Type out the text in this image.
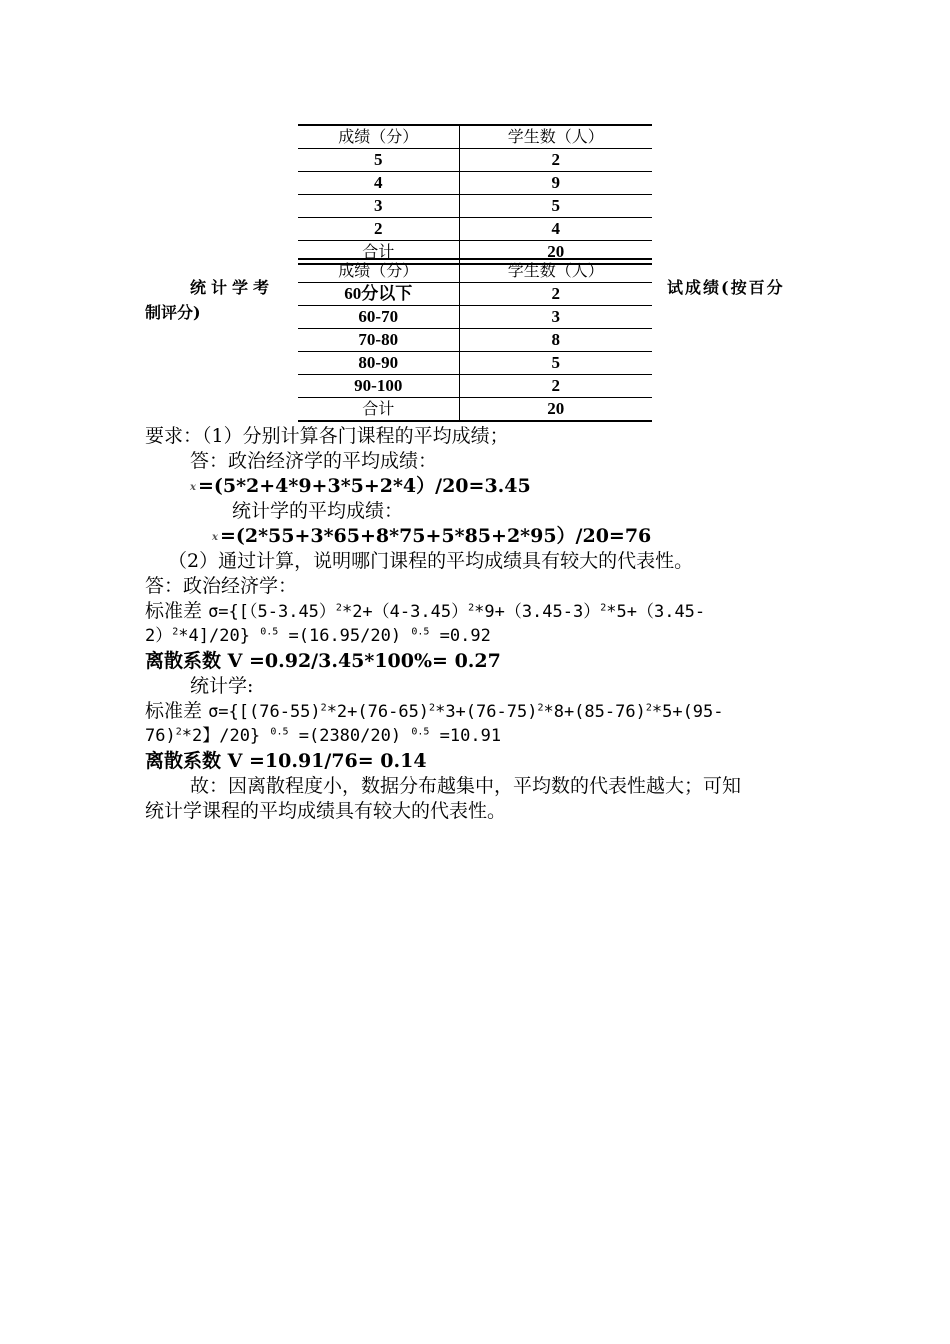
成绩（分）	学生数（人）
5	2
4	9
3	5
2	4
合计	20
统计学考	试成绩(按百分
制评分)
成绩（分）	学生数（人）
60分以下	2
60-70	3
70-80	8
80-90	5
90-100	2
合计	20
要求：（1）分别计算各门课程的平均成绩；
答：政治经济学的平均成绩：
x =(5*2+4*9+3*5+2*4）/20=3.45
统计学的平均成绩：
x =(2*55+3*65+8*75+5*85+2*95）/20=76
（2）通过计算，说明哪门课程的平均成绩具有较大的代表性。
答：政治经济学：
标准差 $\sigma=\{[(5-3.45)^2*2+(4-3.45)^2*9+(3.45-3)^2*5+(3.45-$
2）$^2$*4]/20} $^{0.5}$ =(16.95/20) $^{0.5}$ =0.92
离散系数 V =0.92/3.45*100%= 0.27
统计学:
标准差 $\sigma=\{[(76-55)^2*2+(76-65)^2*3+(76-75)^2*8+(85-76)^2*5+(95-$
76)$^2$*2】/20} $^{0.5}$ =(2380/20) $^{0.5}$ =10.91
离散系数 V =10.91/76= 0.14
故：因离散程度小，数据分布越集中，平均数的代表性越大；可知
统计学课程的平均成绩具有较大的代表性。
